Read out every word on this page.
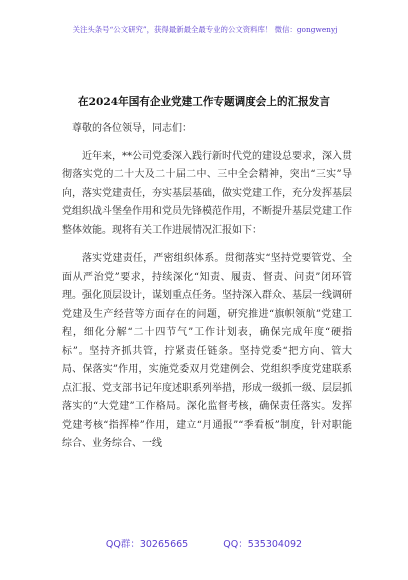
关注头条号“公文研究”，获得最新最全最专业的公文资料库！ 微信：gongwenyj
在2024年国有企业党建工作专题调度会上的汇报发言

尊敬的各位领导，同志们：

近年来，**公司党委深入践行新时代党的建设总要求，深入贯彻落实党的二十大及二十届二中、三中全会精神，突出“三实”导向，落实党建责任，夯实基层基础，做实党建工作，充分发挥基层党组织战斗堡垒作用和党员先锋模范作用，不断提升基层党建工作整体效能。现将有关工作进展情况汇报如下：

落实党建责任，严密组织体系。贯彻落实“坚持党要管党、全面从严治党”要求，持续深化“知责、履责、督责、问责”闭环管理。强化顶层设计，谋划重点任务。坚持深入群众、基层一线调研党建及生产经营等方面存在的问题，研究推进“旗帜领航”党建工程，细化分解“二十四节气”工作计划表，确保完成年度“硬指标”。坚持齐抓共管，拧紧责任链条。坚持党委“把方向、管大局、保落实”作用，实施党委双月党建例会、党组织季度党建联系点汇报、党支部书记年度述职系列举措，形成一级抓一级、层层抓落实的“大党建”工作格局。深化监督考核，确保责任落实。发挥党建考核“指挥棒”作用，建立“月通报”“季看板”制度，针对职能综合、业务综合、一线

QQ群：30265665	QQ：535304092
